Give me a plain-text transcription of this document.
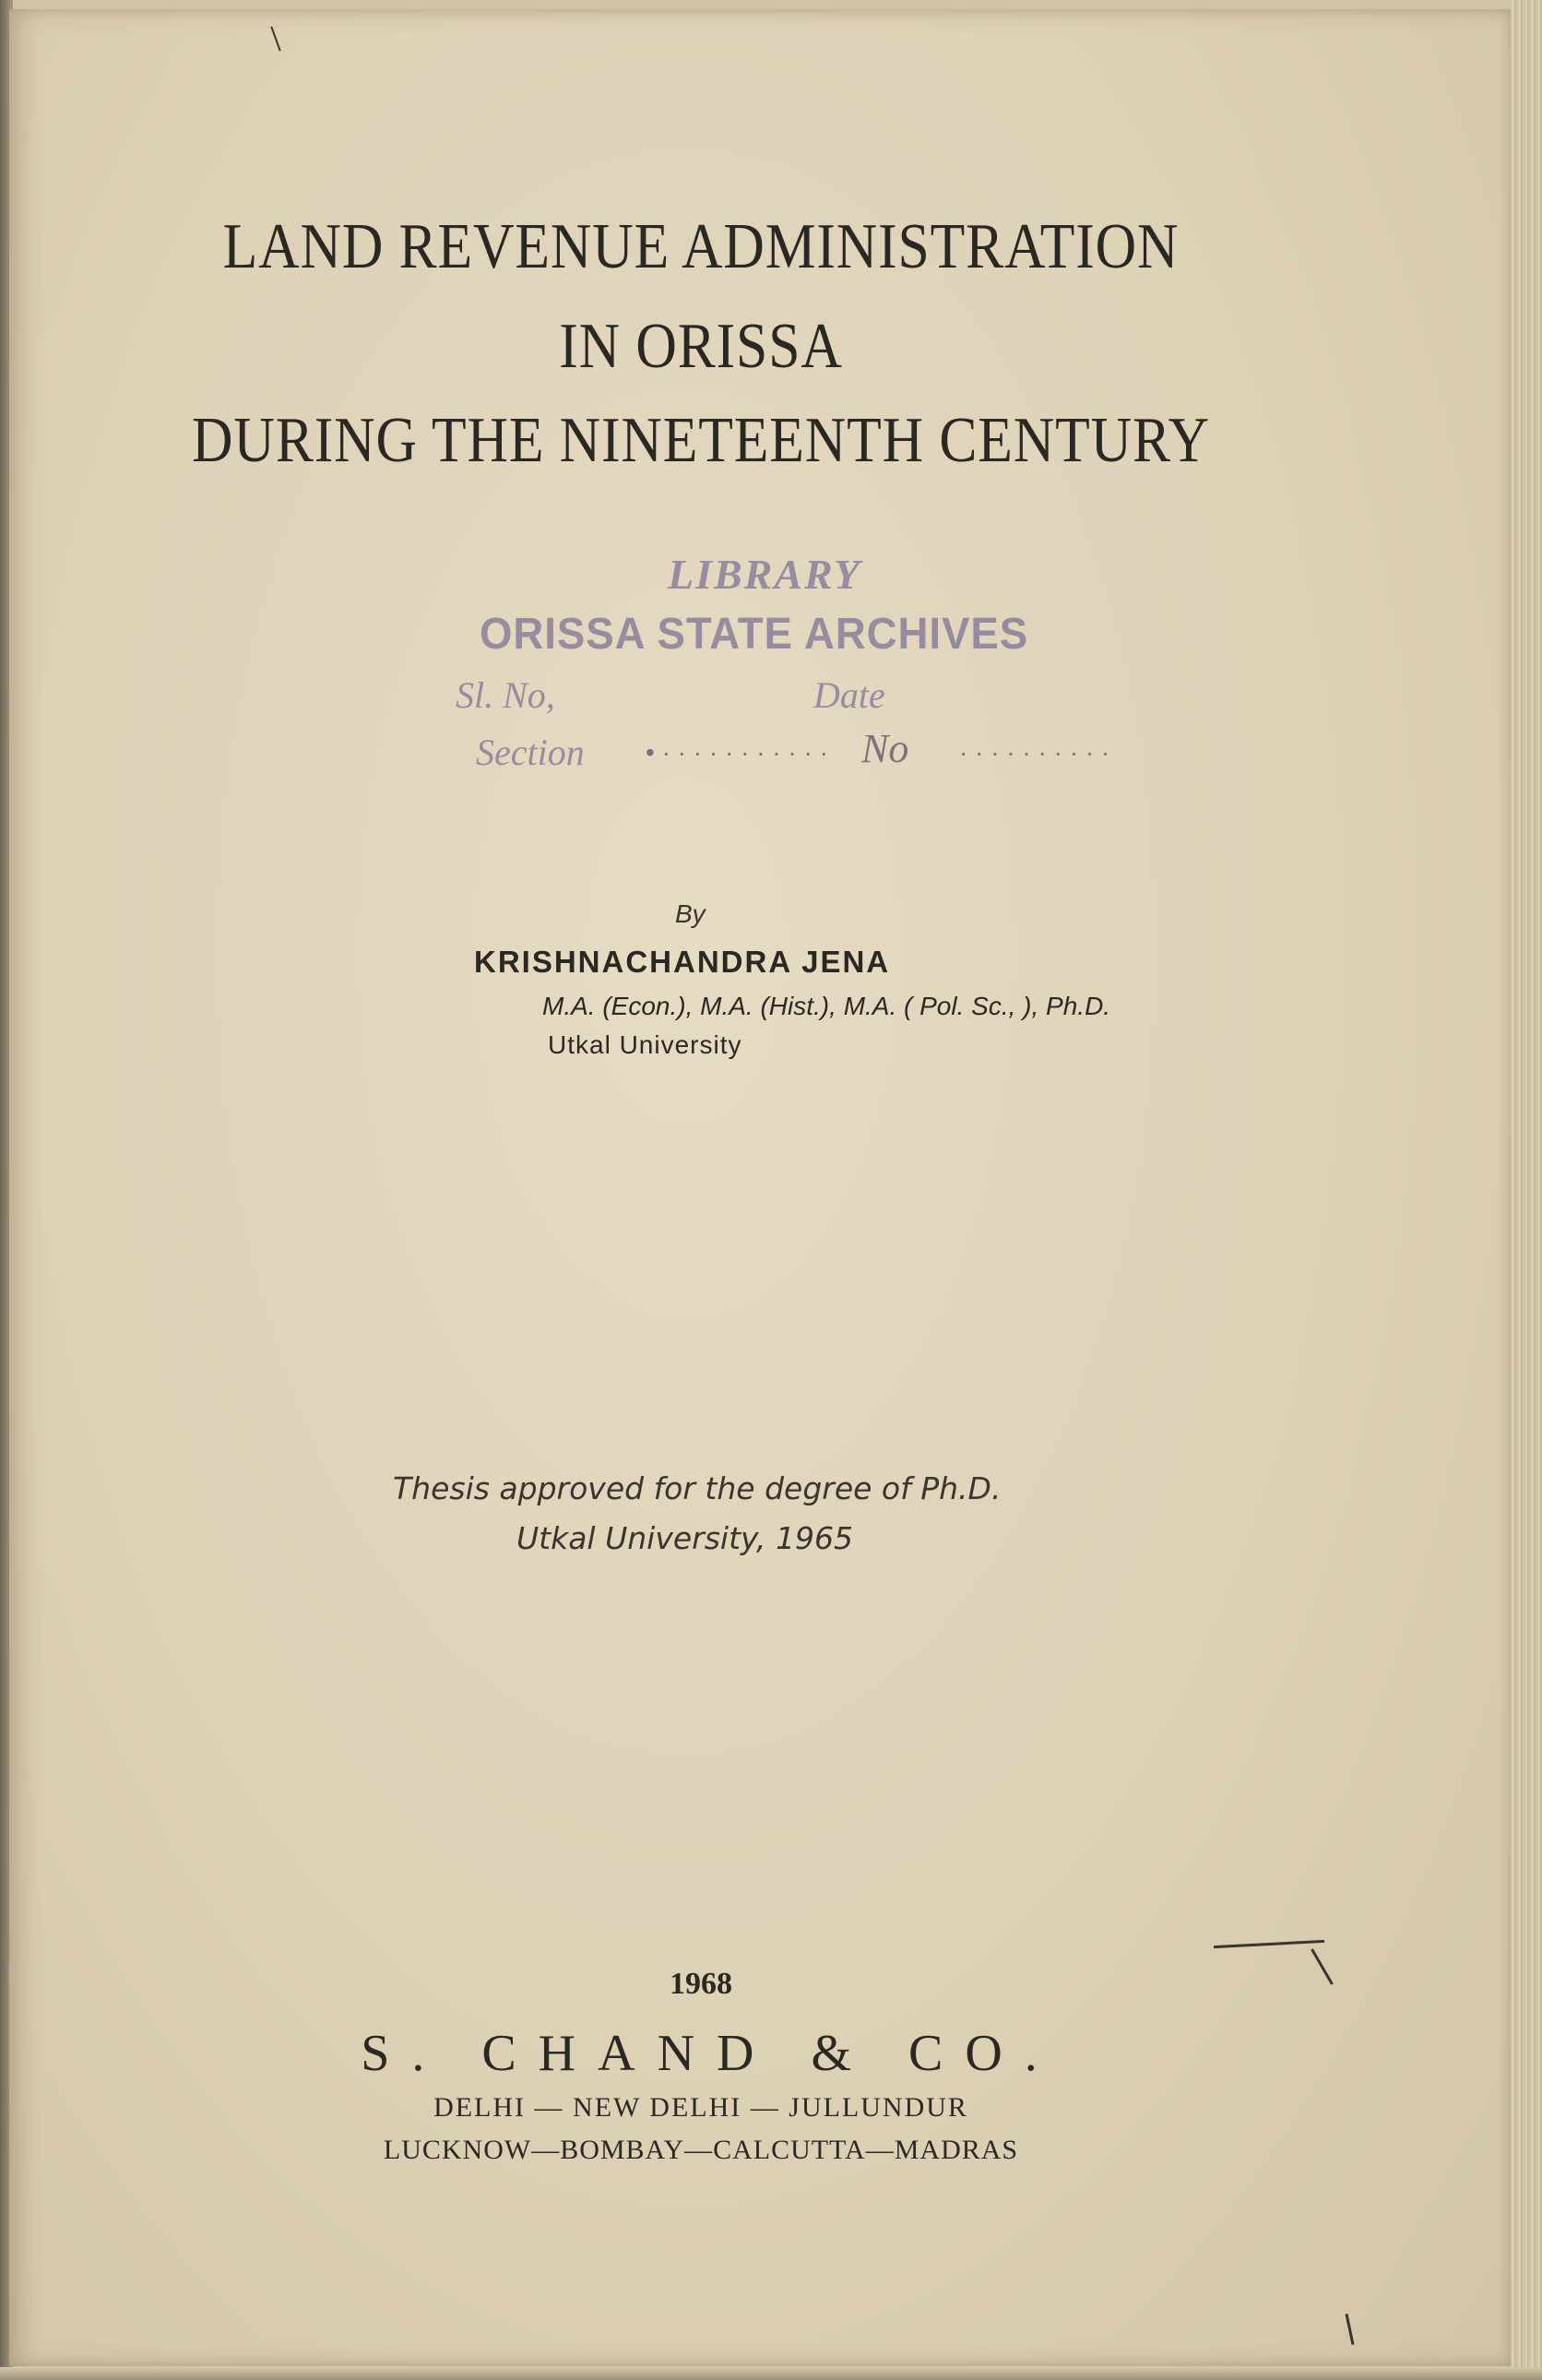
LAND REVENUE ADMINISTRATION
IN ORISSA
DURING THE NINETEENTH CENTURY
LIBRARY
ORISSA STATE ARCHIVES
Sl. No,	Date
Section • · · · · · · · · · · · No · · · · · · · · · ·
By
KRISHNACHANDRA JENA
M.A. (Econ.), M.A. (Hist.), M.A. ( Pol. Sc., ), Ph.D.
Utkal University
Thesis approved for the degree of Ph.D.
Utkal University, 1965
1968
S. CHAND & CO.
DELHI — NEW DELHI — JULLUNDUR
LUCKNOW—BOMBAY—CALCUTTA—MADRAS
